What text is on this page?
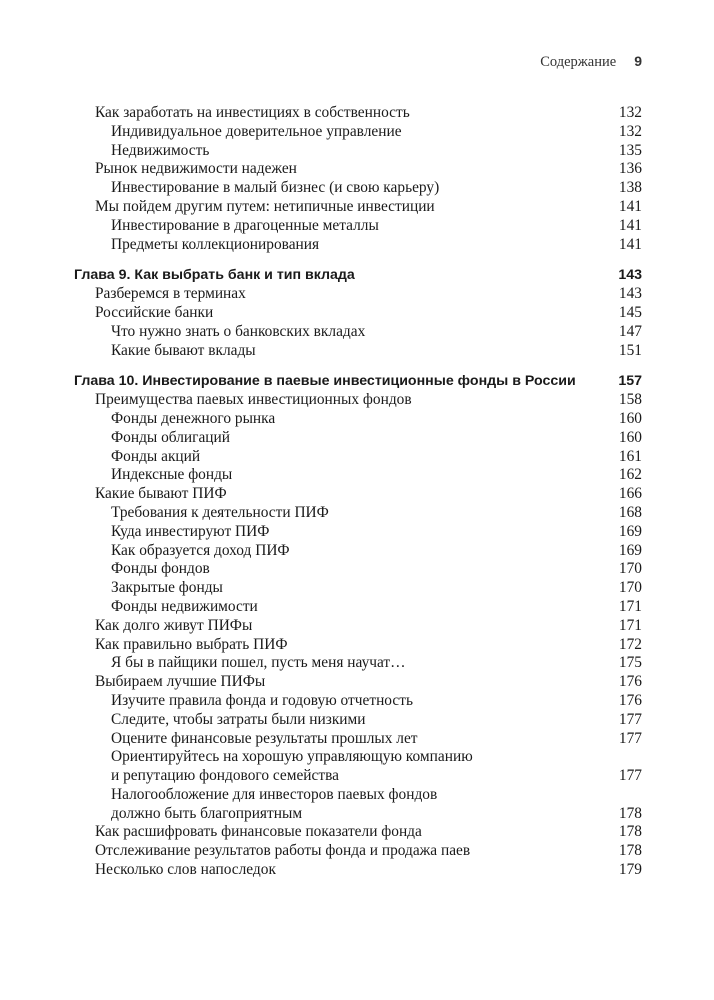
Содержание 9
Как заработать на инвестициях в собственность	132
Индивидуальное доверительное управление	132
Недвижимость	135
Рынок недвижимости надежен	136
Инвестирование в малый бизнес (и свою карьеру)	138
Мы пойдем другим путем: нетипичные инвестиции	141
Инвестирование в драгоценные металлы	141
Предметы коллекционирования	141
Глава 9. Как выбрать банк и тип вклада	143
Разберемся в терминах	143
Российские банки	145
Что нужно знать о банковских вкладах	147
Какие бывают вклады	151
Глава 10. Инвестирование в паевые инвестиционные фонды в России	157
Преимущества паевых инвестиционных фондов	158
Фонды денежного рынка	160
Фонды облигаций	160
Фонды акций	161
Индексные фонды	162
Какие бывают ПИФ	166
Требования к деятельности ПИФ	168
Куда инвестируют ПИФ	169
Как образуется доход ПИФ	169
Фонды фондов	170
Закрытые фонды	170
Фонды недвижимости	171
Как долго живут ПИФы	171
Как правильно выбрать ПИФ	172
Я бы в пайщики пошел, пусть меня научат…	175
Выбираем лучшие ПИФы	176
Изучите правила фонда и годовую отчетность	176
Следите, чтобы затраты были низкими	177
Оцените финансовые результаты прошлых лет	177
Ориентируйтесь на хорошую управляющую компанию
и репутацию фондового семейства	177
Налогообложение для инвесторов паевых фондов
должно быть благоприятным	178
Как расшифровать финансовые показатели фонда	178
Отслеживание результатов работы фонда и продажа паев	178
Несколько слов напоследок	179
